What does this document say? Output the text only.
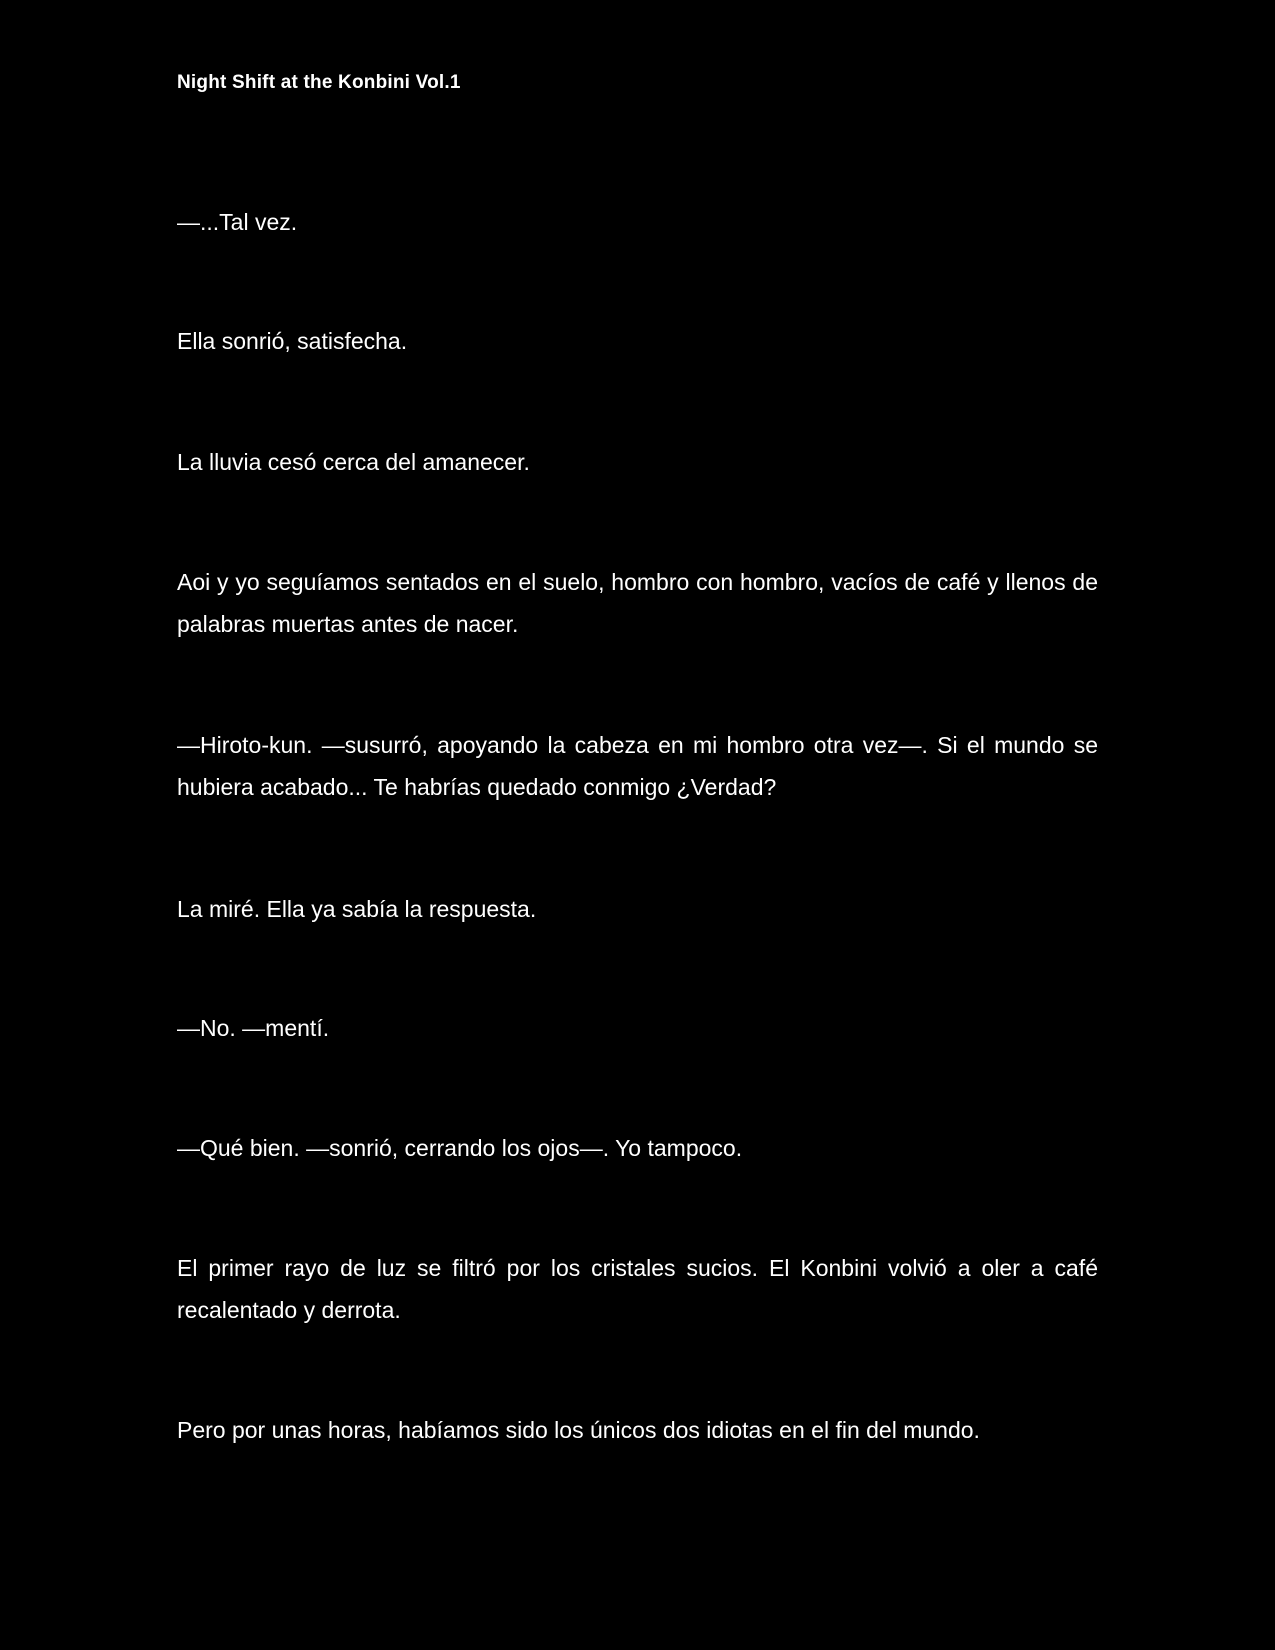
Night Shift at the Konbini Vol.1

—...Tal vez.

Ella sonrió, satisfecha.

La lluvia cesó cerca del amanecer.

Aoi y yo seguíamos sentados en el suelo, hombro con hombro, vacíos de café y llenos de palabras muertas antes de nacer.

—Hiroto-kun. —susurró, apoyando la cabeza en mi hombro otra vez—. Si el mundo se hubiera acabado... Te habrías quedado conmigo ¿Verdad?

La miré. Ella ya sabía la respuesta.

—No. —mentí.

—Qué bien. —sonrió, cerrando los ojos—. Yo tampoco.

El primer rayo de luz se filtró por los cristales sucios. El Konbini volvió a oler a café recalentado y derrota.

Pero por unas horas, habíamos sido los únicos dos idiotas en el fin del mundo.
